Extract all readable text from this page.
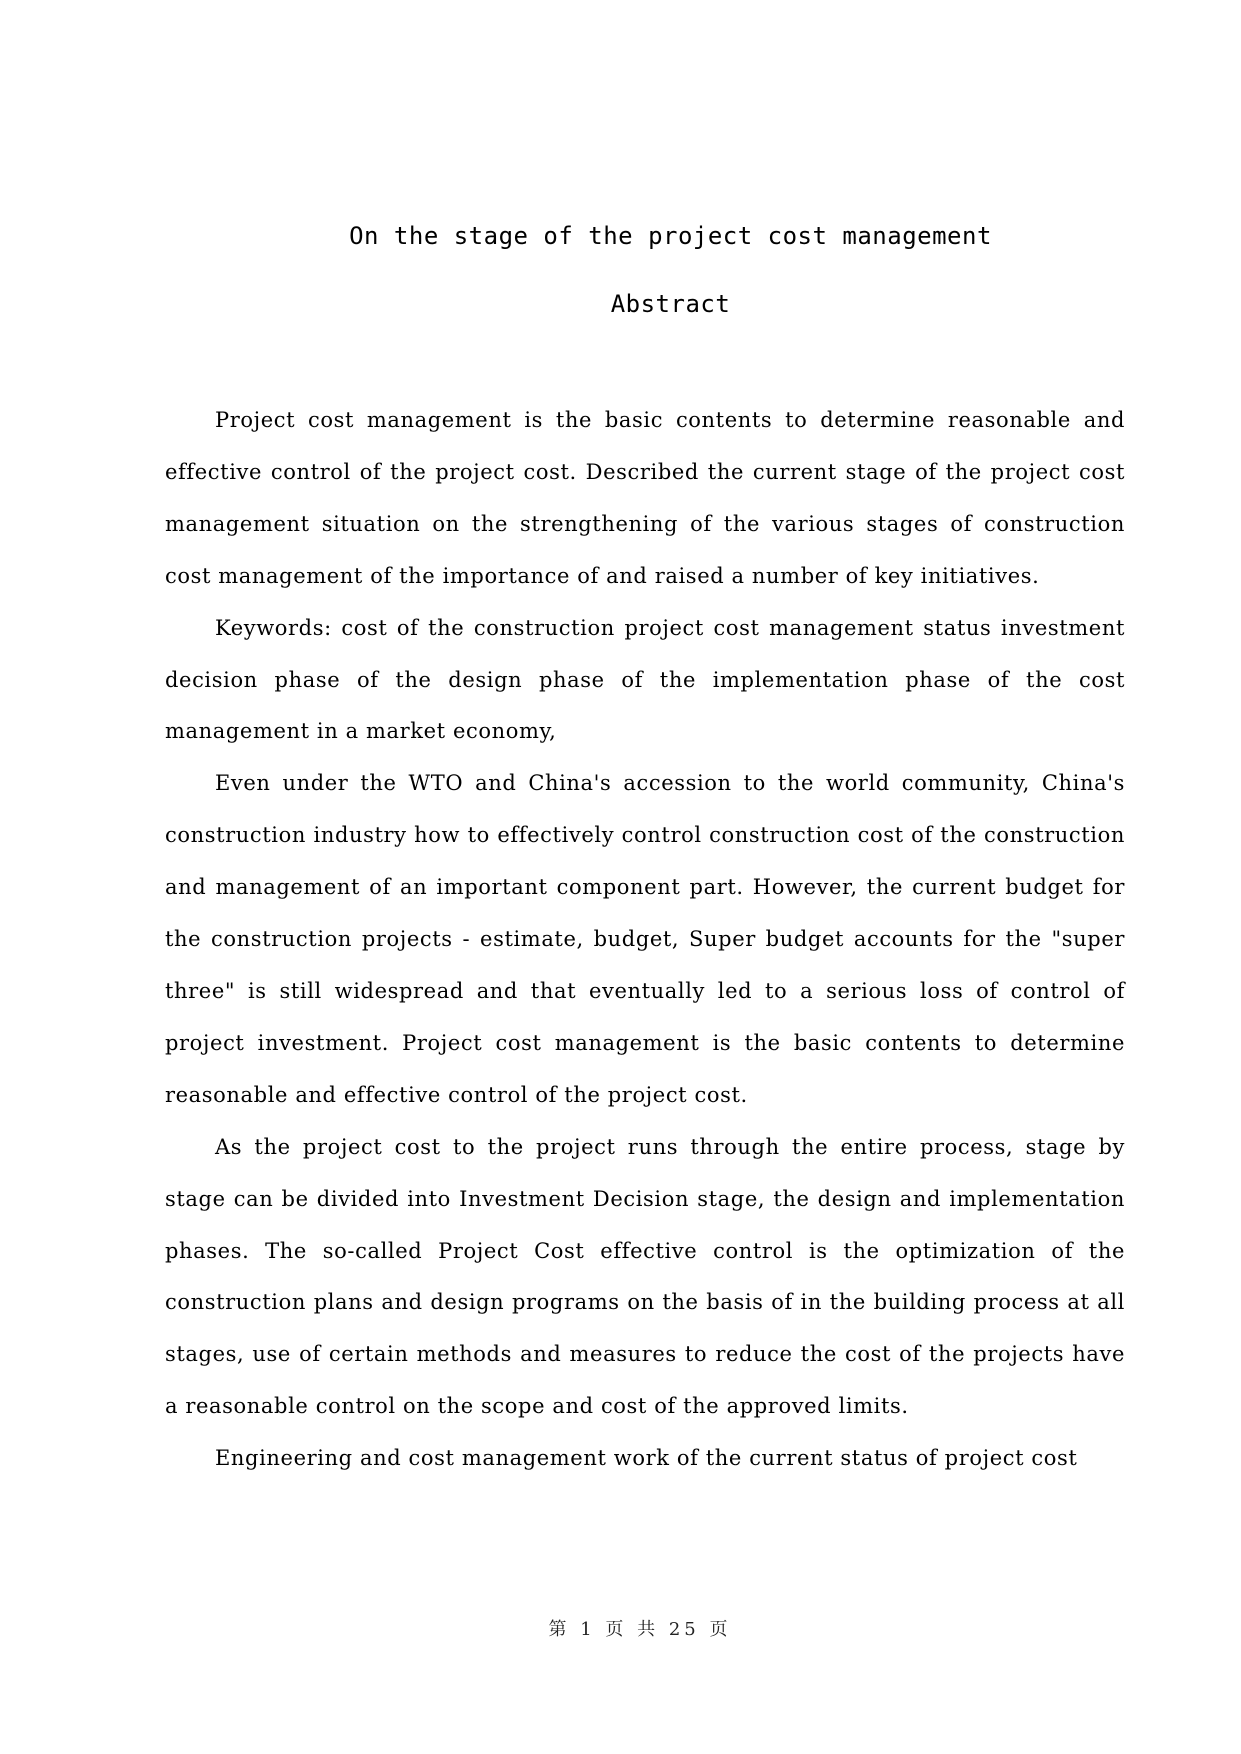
On the stage of the project cost management
Abstract

Project cost management is the basic contents to determine reasonable and effective control of the project cost. Described the current stage of the project cost management situation on the strengthening of the various stages of construction cost management of the importance of and raised a number of key initiatives.

Keywords: cost of the construction project cost management status investment decision phase of the design phase of the implementation phase of the cost management in a market economy,

Even under the WTO and China's accession to the world community, China's construction industry how to effectively control construction cost of the construction and management of an important component part. However, the current budget for the construction projects - estimate, budget, Super budget accounts for the "super three" is still widespread and that eventually led to a serious loss of control of project investment. Project cost management is the basic contents to determine reasonable and effective control of the project cost.

As the project cost to the project runs through the entire process, stage by stage can be divided into Investment Decision stage, the design and implementation phases. The so-called Project Cost effective control is the optimization of the construction plans and design programs on the basis of in the building process at all stages, use of certain methods and measures to reduce the cost of the projects have a reasonable control on the scope and cost of the approved limits.

Engineering and cost management work of the current status of project cost

第 1 页 共 25 页
